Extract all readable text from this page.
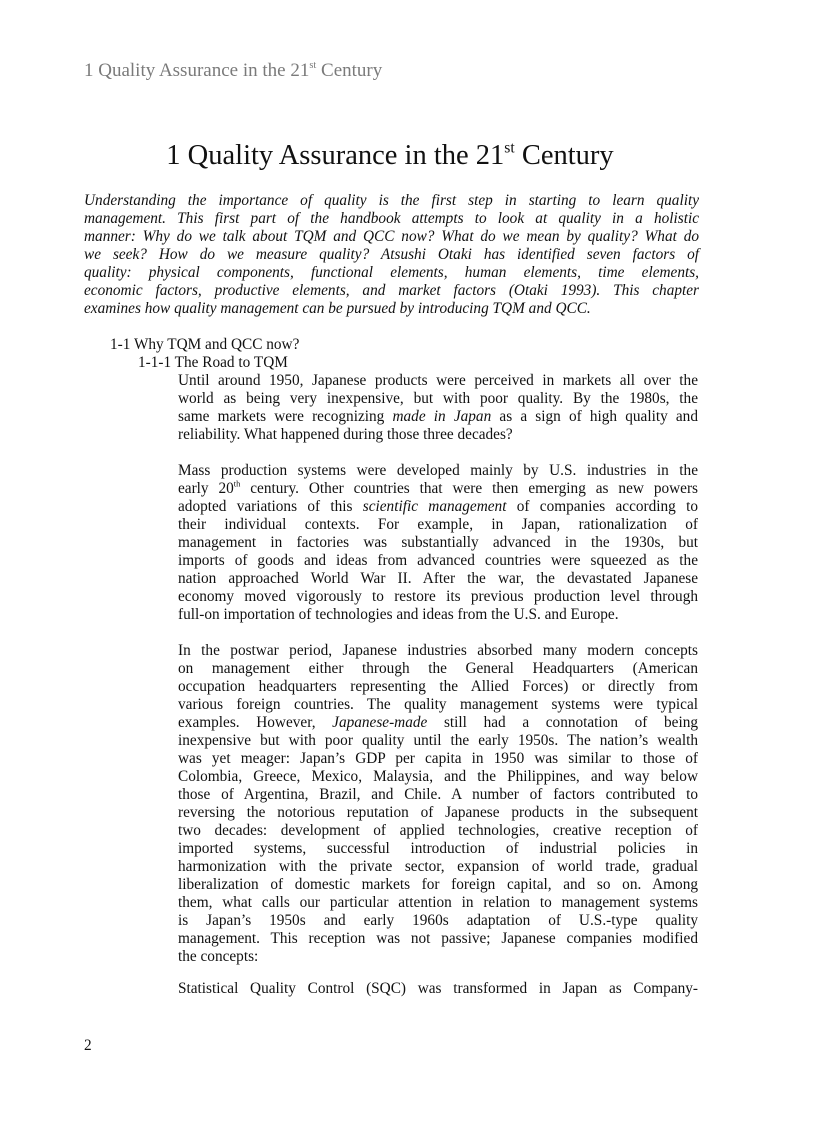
1 Quality Assurance in the 21st Century
1 Quality Assurance in the 21st Century
Understanding the importance of quality is the first step in starting to learn quality
management. This first part of the handbook attempts to look at quality in a holistic
manner: Why do we talk about TQM and QCC now? What do we mean by quality? What do
we seek? How do we measure quality? Atsushi Otaki has identified seven factors of
quality: physical components, functional elements, human elements, time elements,
economic factors, productive elements, and market factors (Otaki 1993). This chapter
examines how quality management can be pursued by introducing TQM and QCC.
1-1 Why TQM and QCC now?
1-1-1 The Road to TQM
Until around 1950, Japanese products were perceived in markets all over the
world as being very inexpensive, but with poor quality. By the 1980s, the
same markets were recognizing made in Japan as a sign of high quality and
reliability. What happened during those three decades?
Mass production systems were developed mainly by U.S. industries in the
early 20th century. Other countries that were then emerging as new powers
adopted variations of this scientific management of companies according to
their individual contexts. For example, in Japan, rationalization of
management in factories was substantially advanced in the 1930s, but
imports of goods and ideas from advanced countries were squeezed as the
nation approached World War II. After the war, the devastated Japanese
economy moved vigorously to restore its previous production level through
full-on importation of technologies and ideas from the U.S. and Europe.
In the postwar period, Japanese industries absorbed many modern concepts
on management either through the General Headquarters (American
occupation headquarters representing the Allied Forces) or directly from
various foreign countries. The quality management systems were typical
examples. However, Japanese-made still had a connotation of being
inexpensive but with poor quality until the early 1950s. The nation’s wealth
was yet meager: Japan’s GDP per capita in 1950 was similar to those of
Colombia, Greece, Mexico, Malaysia, and the Philippines, and way below
those of Argentina, Brazil, and Chile. A number of factors contributed to
reversing the notorious reputation of Japanese products in the subsequent
two decades: development of applied technologies, creative reception of
imported systems, successful introduction of industrial policies in
harmonization with the private sector, expansion of world trade, gradual
liberalization of domestic markets for foreign capital, and so on. Among
them, what calls our particular attention in relation to management systems
is Japan’s 1950s and early 1960s adaptation of U.S.-type quality
management. This reception was not passive; Japanese companies modified
the concepts:
Statistical Quality Control (SQC) was transformed in Japan as Company-
2
